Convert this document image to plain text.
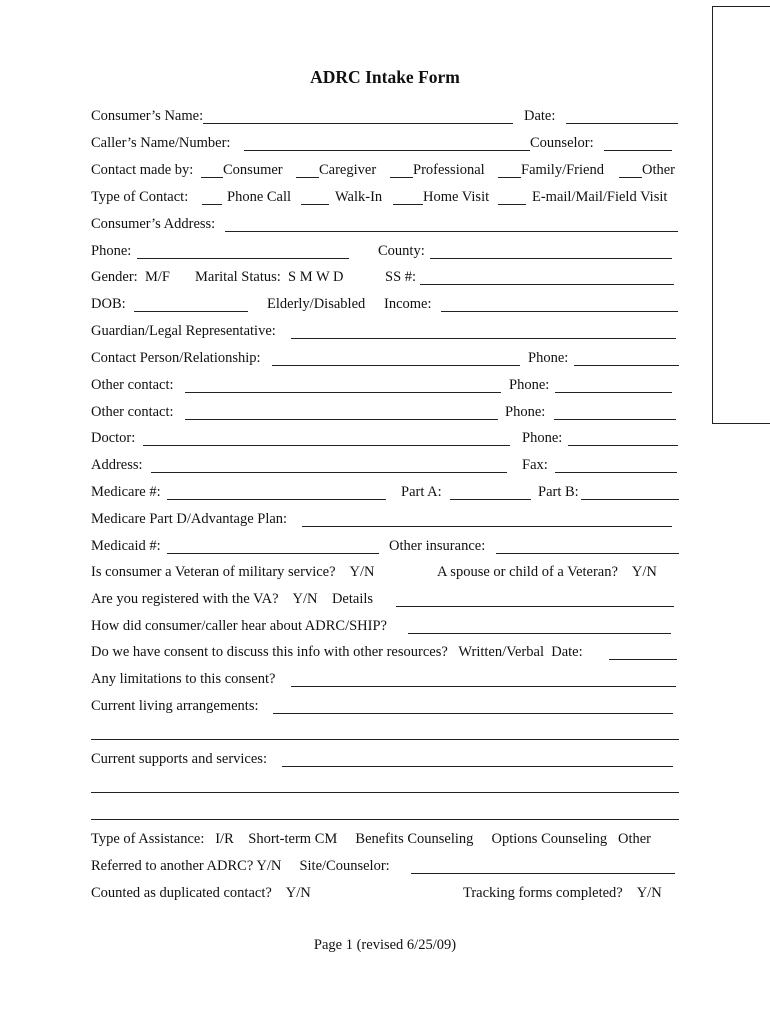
ADRC Intake Form
Consumer’s Name:	Date:
Caller’s Name/Number:	Counselor:
Contact made by: Consumer	Caregiver	Professional	Family/Friend	Other
Type of Contact:	Phone Call	Walk-In	Home Visit	E-mail/Mail/Field Visit
Consumer’s Address:
Phone:	County:
Gender:  M/F Marital Status:  S M W D	SS #:
DOB:	Elderly/Disabled Income:
Guardian/Legal Representative:
Contact Person/Relationship:	Phone:
Other contact:	Phone:
Other contact:	Phone:
Doctor:	Phone:
Address:	Fax:
Medicare #:	Part A:	Part B:
Medicare Part D/Advantage Plan:
Medicaid #:	Other insurance:
Is consumer a Veteran of military service?    Y/N	A spouse or child of a Veteran?    Y/N
Are you registered with the VA?    Y/N    Details
How did consumer/caller hear about ADRC/SHIP?
Do we have consent to discuss this info with other resources?   Written/Verbal  Date:
Any limitations to this consent?
Current living arrangements:
Current supports and services:
Type of Assistance:   I/R    Short-term CM     Benefits Counseling     Options Counseling   Other
Referred to another ADRC? Y/N     Site/Counselor:
Counted as duplicated contact?    Y/N	Tracking forms completed?    Y/N
Page 1 (revised 6/25/09)
